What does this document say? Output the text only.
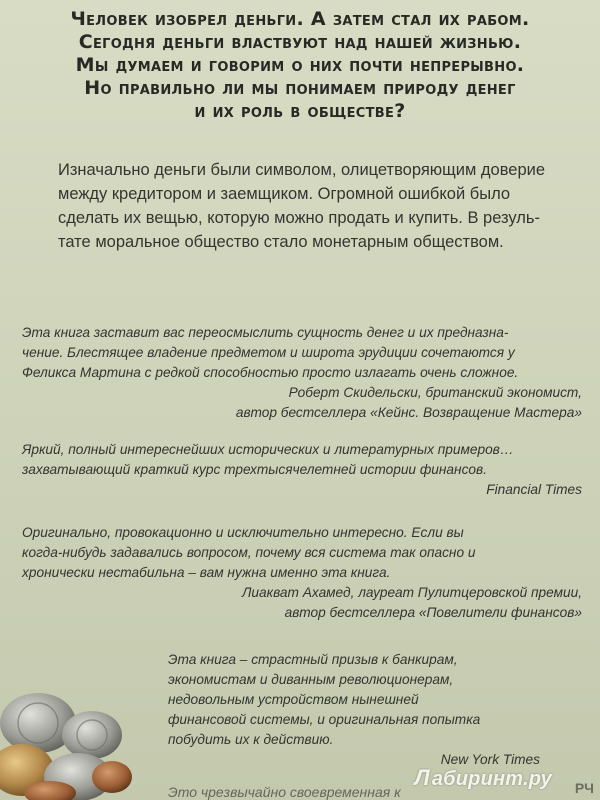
Человек изобрел деньги. А затем стал их рабом.
Сегодня деньги властвуют над нашей жизнью.
Мы думаем и говорим о них почти непрерывно.
Но правильно ли мы понимаем природу денег
и их роль в обществе?
Изначально деньги были символом, олицетворяющим доверие
между кредитором и заемщиком. Огромной ошибкой было
сделать их вещью, которую можно продать и купить. В резуль-
тате моральное общество стало монетарным обществом.
Эта книга заставит вас переосмыслить сущность денег и их предназна-
чение. Блестящее владение предметом и широта эрудиции сочетаются у
Феликса Мартина с редкой способностью просто излагать очень сложное.
Роберт Скидельски, британский экономист,
автор бестселлера «Кейнс. Возвращение Мастера»
Яркий, полный интереснейших исторических и литературных примеров…
захватывающий краткий курс трехтысячелетней истории финансов.
Financial Times
Оригинально, провокационно и исключительно интересно. Если вы
когда-нибудь задавались вопросом, почему вся система так опасно и
хронически нестабильна – вам нужна именно эта книга.
Лиакват Ахамед, лауреат Пулитцеровской премии,
автор бестселлера «Повелители финансов»
Эта книга – страстный призыв к банкирам,
экономистам и диванным революционерам,
недовольным устройством нынешней
финансовой системы, и оригинальная попытка
побудить их к действию.
New York Times
Это чрезвычайно своевременная к
Л абиринт.ру РЧ
